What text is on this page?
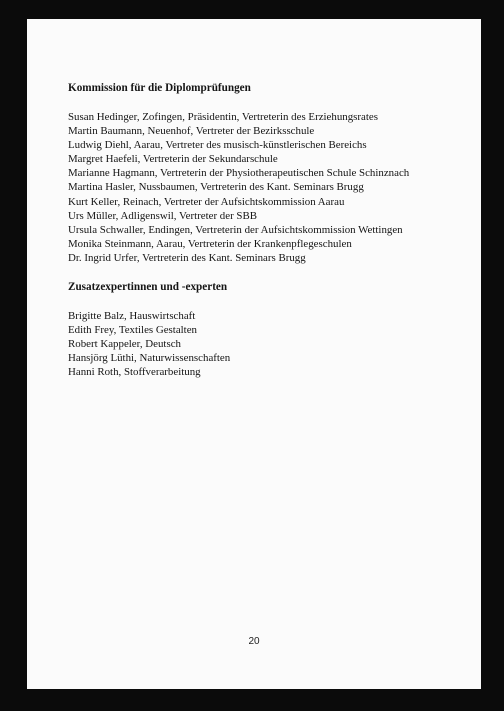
Kommission für die Diplomprüfungen
Susan Hedinger, Zofingen, Präsidentin, Vertreterin des Erziehungsrates
Martin Baumann, Neuenhof, Vertreter der Bezirksschule
Ludwig Diehl, Aarau, Vertreter des musisch-künstlerischen Bereichs
Margret Haefeli, Vertreterin der Sekundarschule
Marianne Hagmann, Vertreterin der Physiotherapeutischen Schule Schinznach
Martina Hasler, Nussbaumen, Vertreterin des Kant. Seminars Brugg
Kurt Keller, Reinach, Vertreter der Aufsichtskommission Aarau
Urs Müller, Adligenswil, Vertreter der SBB
Ursula Schwaller, Endingen, Vertreterin der Aufsichtskommission Wettingen
Monika Steinmann, Aarau, Vertreterin der Krankenpflegeschulen
Dr. Ingrid Urfer, Vertreterin des Kant. Seminars Brugg
Zusatzexpertinnen und -experten
Brigitte Balz, Hauswirtschaft
Edith Frey, Textiles Gestalten
Robert Kappeler, Deutsch
Hansjörg Lüthi, Naturwissenschaften
Hanni Roth, Stoffverarbeitung
20
